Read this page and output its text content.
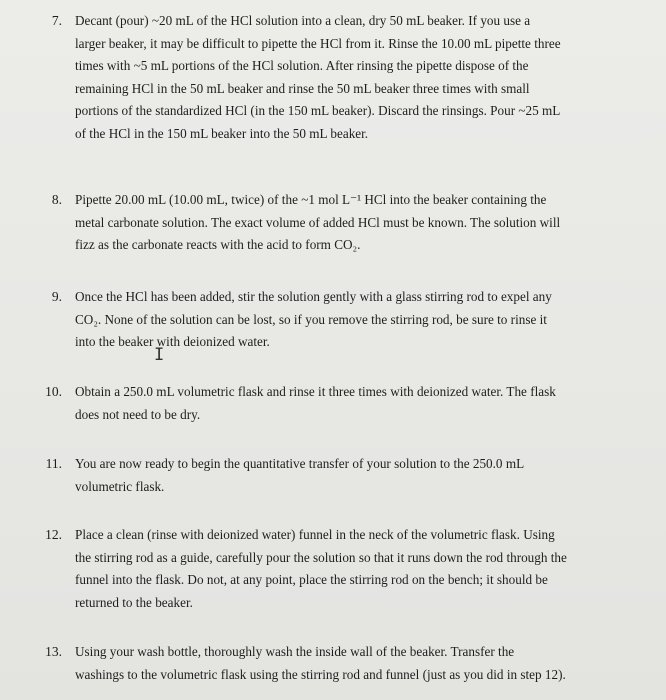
7. Decant (pour) ~20 mL of the HCl solution into a clean, dry 50 mL beaker. If you use a

larger beaker, it may be difficult to pipette the HCl from it. Rinse the 10.00 mL pipette three

times with ~5 mL portions of the HCl solution. After rinsing the pipette dispose of the

remaining HCl in the 50 mL beaker and rinse the 50 mL beaker three times with small

portions of the standardized HCl (in the 150 mL beaker). Discard the rinsings. Pour ~25 mL

of the HCl in the 150 mL beaker into the 50 mL beaker.

8. Pipette 20.00 mL (10.00 mL, twice) of the ~1 mol L⁻¹ HCl into the beaker containing the

metal carbonate solution. The exact volume of added HCl must be known. The solution will

fizz as the carbonate reacts with the acid to form CO₂.

9. Once the HCl has been added, stir the solution gently with a glass stirring rod to expel any

CO₂. None of the solution can be lost, so if you remove the stirring rod, be sure to rinse it

into the beaker with deionized water.

I
10. Obtain a 250.0 mL volumetric flask and rinse it three times with deionized water. The flask

does not need to be dry.

11. You are now ready to begin the quantitative transfer of your solution to the 250.0 mL

volumetric flask.

12. Place a clean (rinse with deionized water) funnel in the neck of the volumetric flask. Using

the stirring rod as a guide, carefully pour the solution so that it runs down the rod through the

funnel into the flask. Do not, at any point, place the stirring rod on the bench; it should be

returned to the beaker.

13. Using your wash bottle, thoroughly wash the inside wall of the beaker. Transfer the

washings to the volumetric flask using the stirring rod and funnel (just as you did in step 12).
